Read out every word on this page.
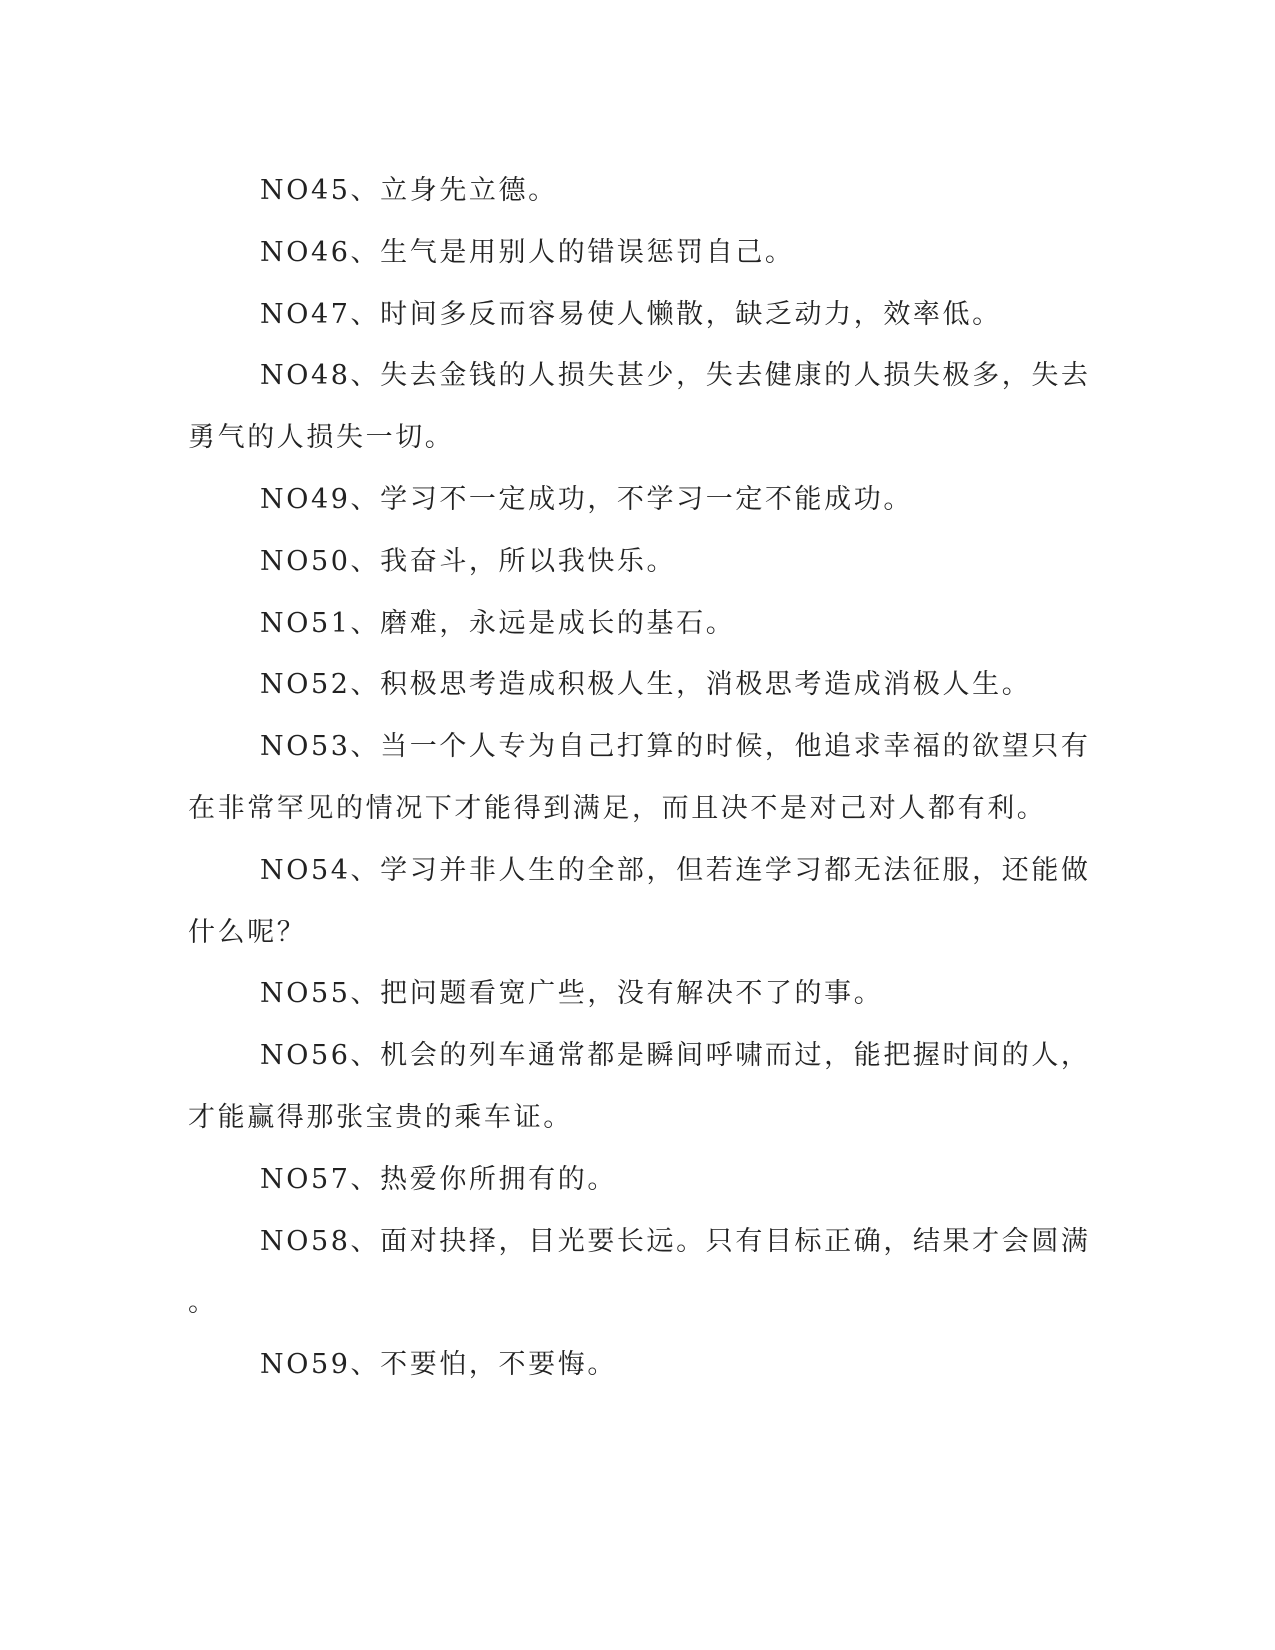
NO45、立身先立德。
NO46、生气是用别人的错误惩罚自己。
NO47、时间多反而容易使人懒散，缺乏动力，效率低。
NO48、失去金钱的人损失甚少，失去健康的人损失极多，失去
勇气的人损失一切。
NO49、学习不一定成功，不学习一定不能成功。
NO50、我奋斗，所以我快乐。
NO51、磨难，永远是成长的基石。
NO52、积极思考造成积极人生，消极思考造成消极人生。
NO53、当一个人专为自己打算的时候，他追求幸福的欲望只有
在非常罕见的情况下才能得到满足，而且决不是对己对人都有利。
NO54、学习并非人生的全部，但若连学习都无法征服，还能做
什么呢？
NO55、把问题看宽广些，没有解决不了的事。
NO56、机会的列车通常都是瞬间呼啸而过，能把握时间的人，
才能赢得那张宝贵的乘车证。
NO57、热爱你所拥有的。
NO58、面对抉择，目光要长远。只有目标正确，结果才会圆满
。
NO59、不要怕，不要悔。
